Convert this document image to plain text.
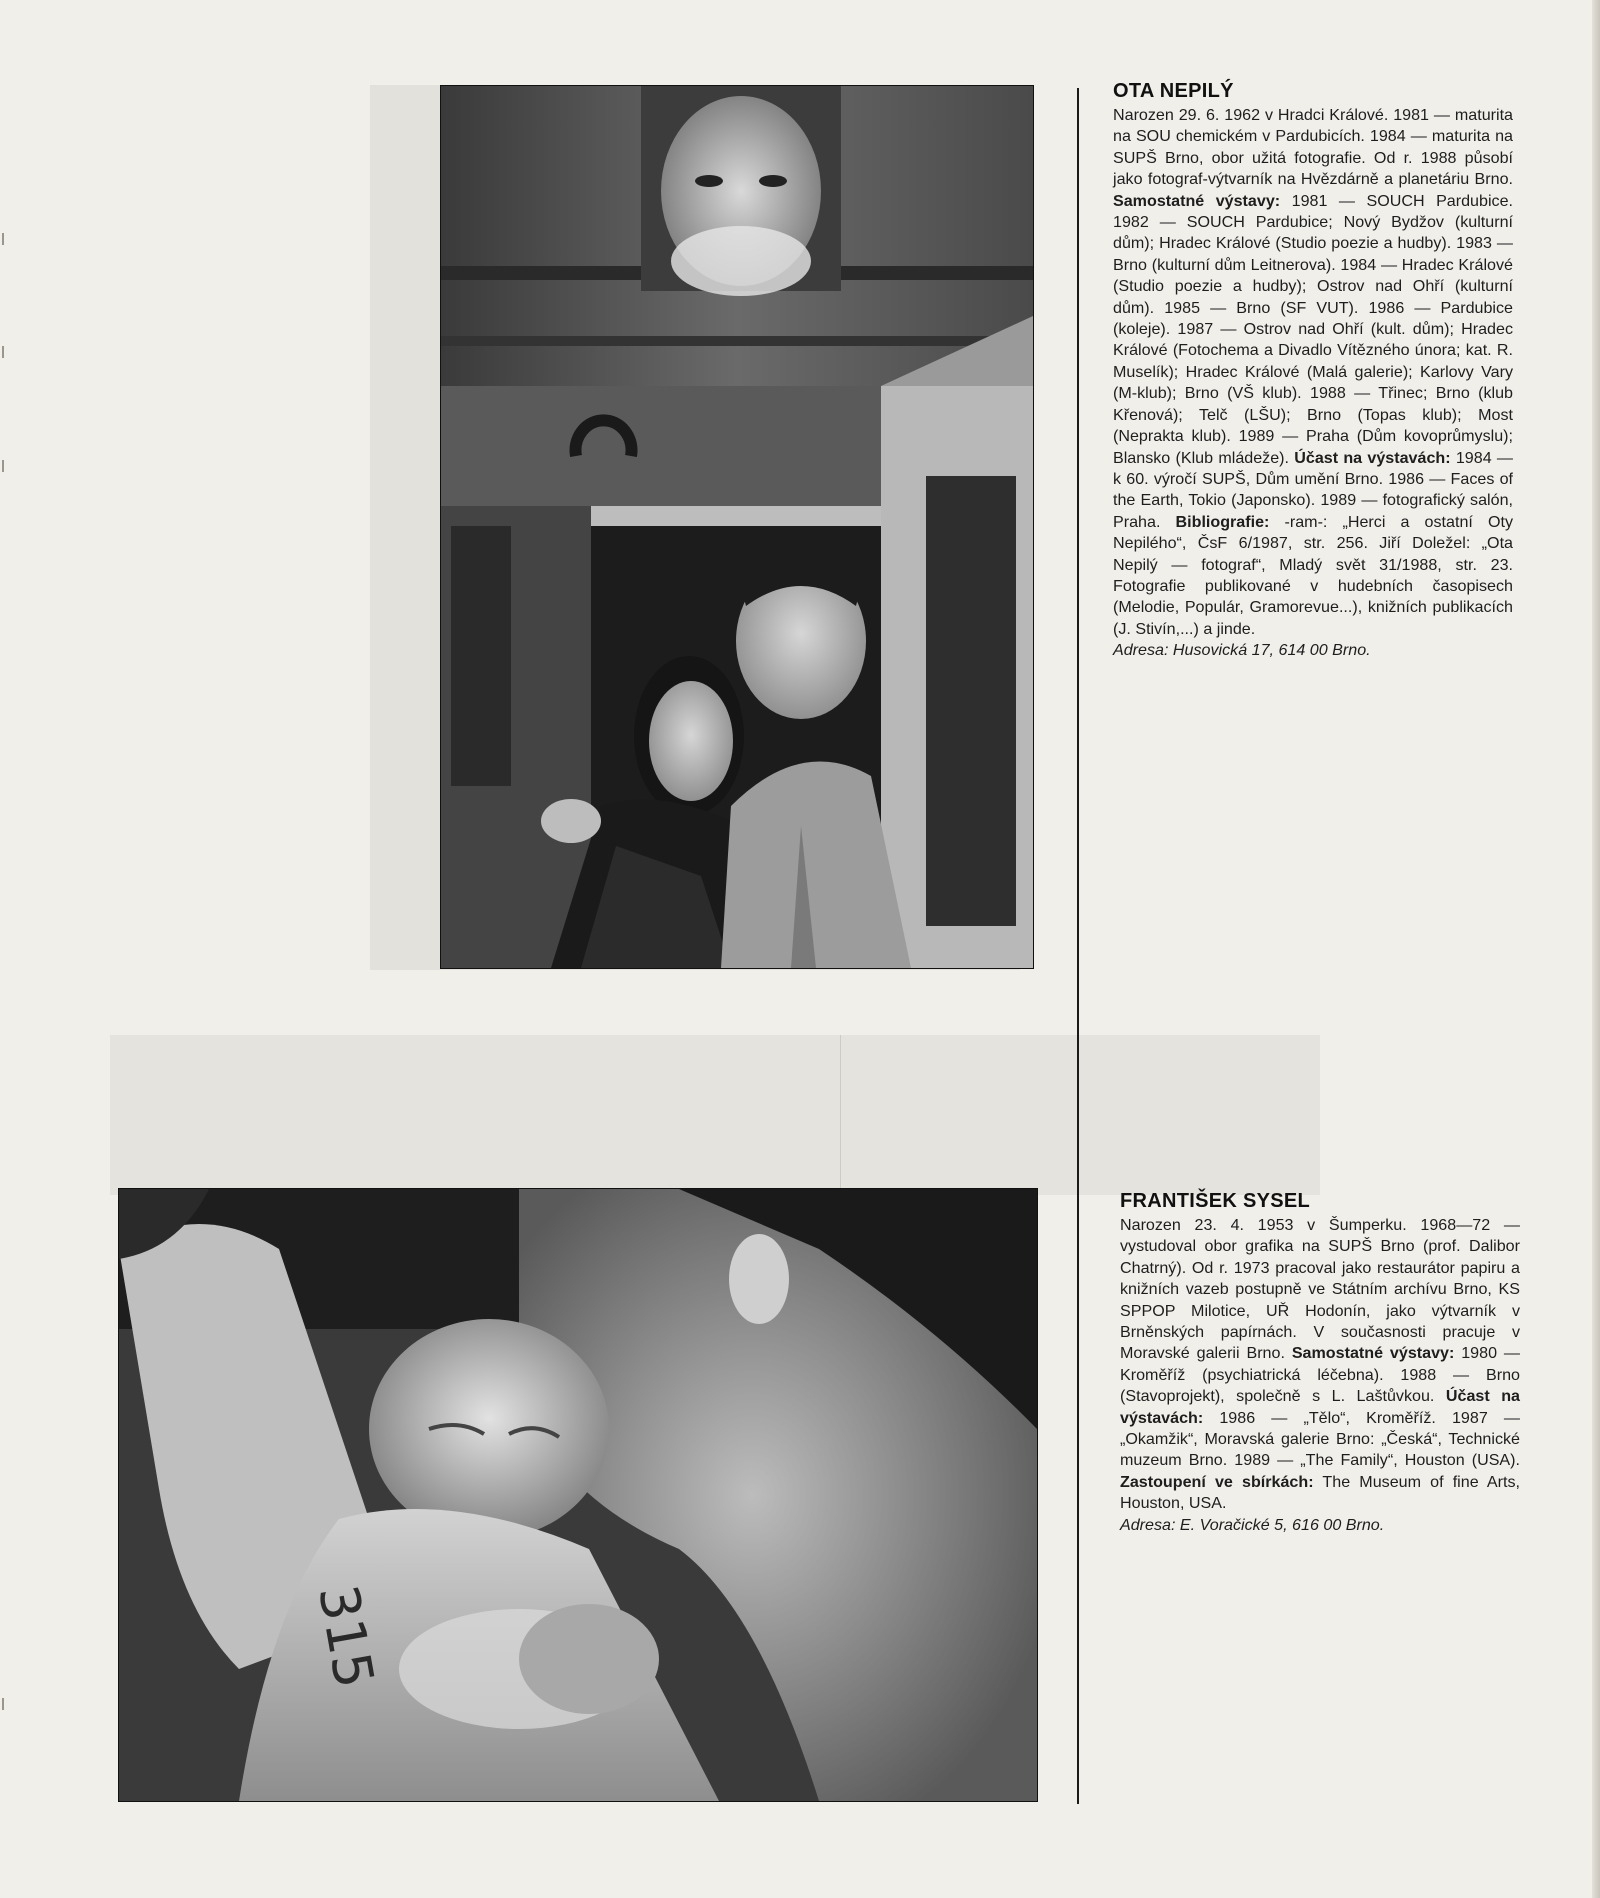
OTA NEPILÝ

Narozen 29. 6. 1962 v Hradci Králové. 1981 — maturita na SOU chemickém v Pardubicích. 1984 — maturita na SUPŠ Brno, obor užitá fotografie. Od r. 1988 působí jako fotograf-výtvarník na Hvězdárně a planetáriu Brno. Samostatné výstavy: 1981 — SOUCH Pardubice. 1982 — SOUCH Pardubice; Nový Bydžov (kulturní dům); Hradec Králové (Studio poezie a hudby). 1983 — Brno (kulturní dům Leitnerova). 1984 — Hradec Králové (Studio poezie a hudby); Ostrov nad Ohří (kulturní dům). 1985 — Brno (SF VUT). 1986 — Pardubice (koleje). 1987 — Ostrov nad Ohří (kult. dům); Hradec Králové (Fotochema a Divadlo Vítězného února; kat. R. Muselík); Hradec Králové (Malá galerie); Karlovy Vary (M-klub); Brno (VŠ klub). 1988 — Třinec; Brno (klub Křenová); Telč (LŠU); Brno (Topas klub); Most (Neprakta klub). 1989 — Praha (Dům kovoprůmyslu); Blansko (Klub mládeže). Účast na výstavách: 1984 — k 60. výročí SUPŠ, Dům umění Brno. 1986 — Faces of the Earth, Tokio (Japonsko). 1989 — fotografický salón, Praha. Bibliografie: -ram-: „Herci a ostatní Oty Nepilého“, ČsF 6/1987, str. 256. Jiří Doležel: „Ota Nepilý — fotograf“, Mladý svět 31/1988, str. 23. Fotografie publikované v hudebních časopisech (Melodie, Populár, Gramorevue...), knižních publikacích (J. Stivín,...) a jinde.

Adresa: Husovická 17, 614 00 Brno.

315
FRANTIŠEK SYSEL

Narozen 23. 4. 1953 v Šumperku. 1968—72 — vystudoval obor grafika na SUPŠ Brno (prof. Dalibor Chatrný). Od r. 1973 pracoval jako restaurátor papiru a knižních vazeb postupně ve Státním archívu Brno, KS SPPOP Milotice, UŘ Hodonín, jako výtvarník v Brněnských papírnách. V současnosti pracuje v Moravské galerii Brno. Samostatné výstavy: 1980 — Kroměříž (psychiatrická léčebna). 1988 — Brno (Stavoprojekt), společně s L. Laštůvkou. Účast na výstavách: 1986 — „Tělo“, Kroměříž. 1987 — „Okamžik“, Moravská galerie Brno: „Česká“, Technické muzeum Brno. 1989 — „The Family“, Houston (USA). Zastoupení ve sbírkách: The Museum of fine Arts, Houston, USA.

Adresa: E. Voračické 5, 616 00 Brno.
